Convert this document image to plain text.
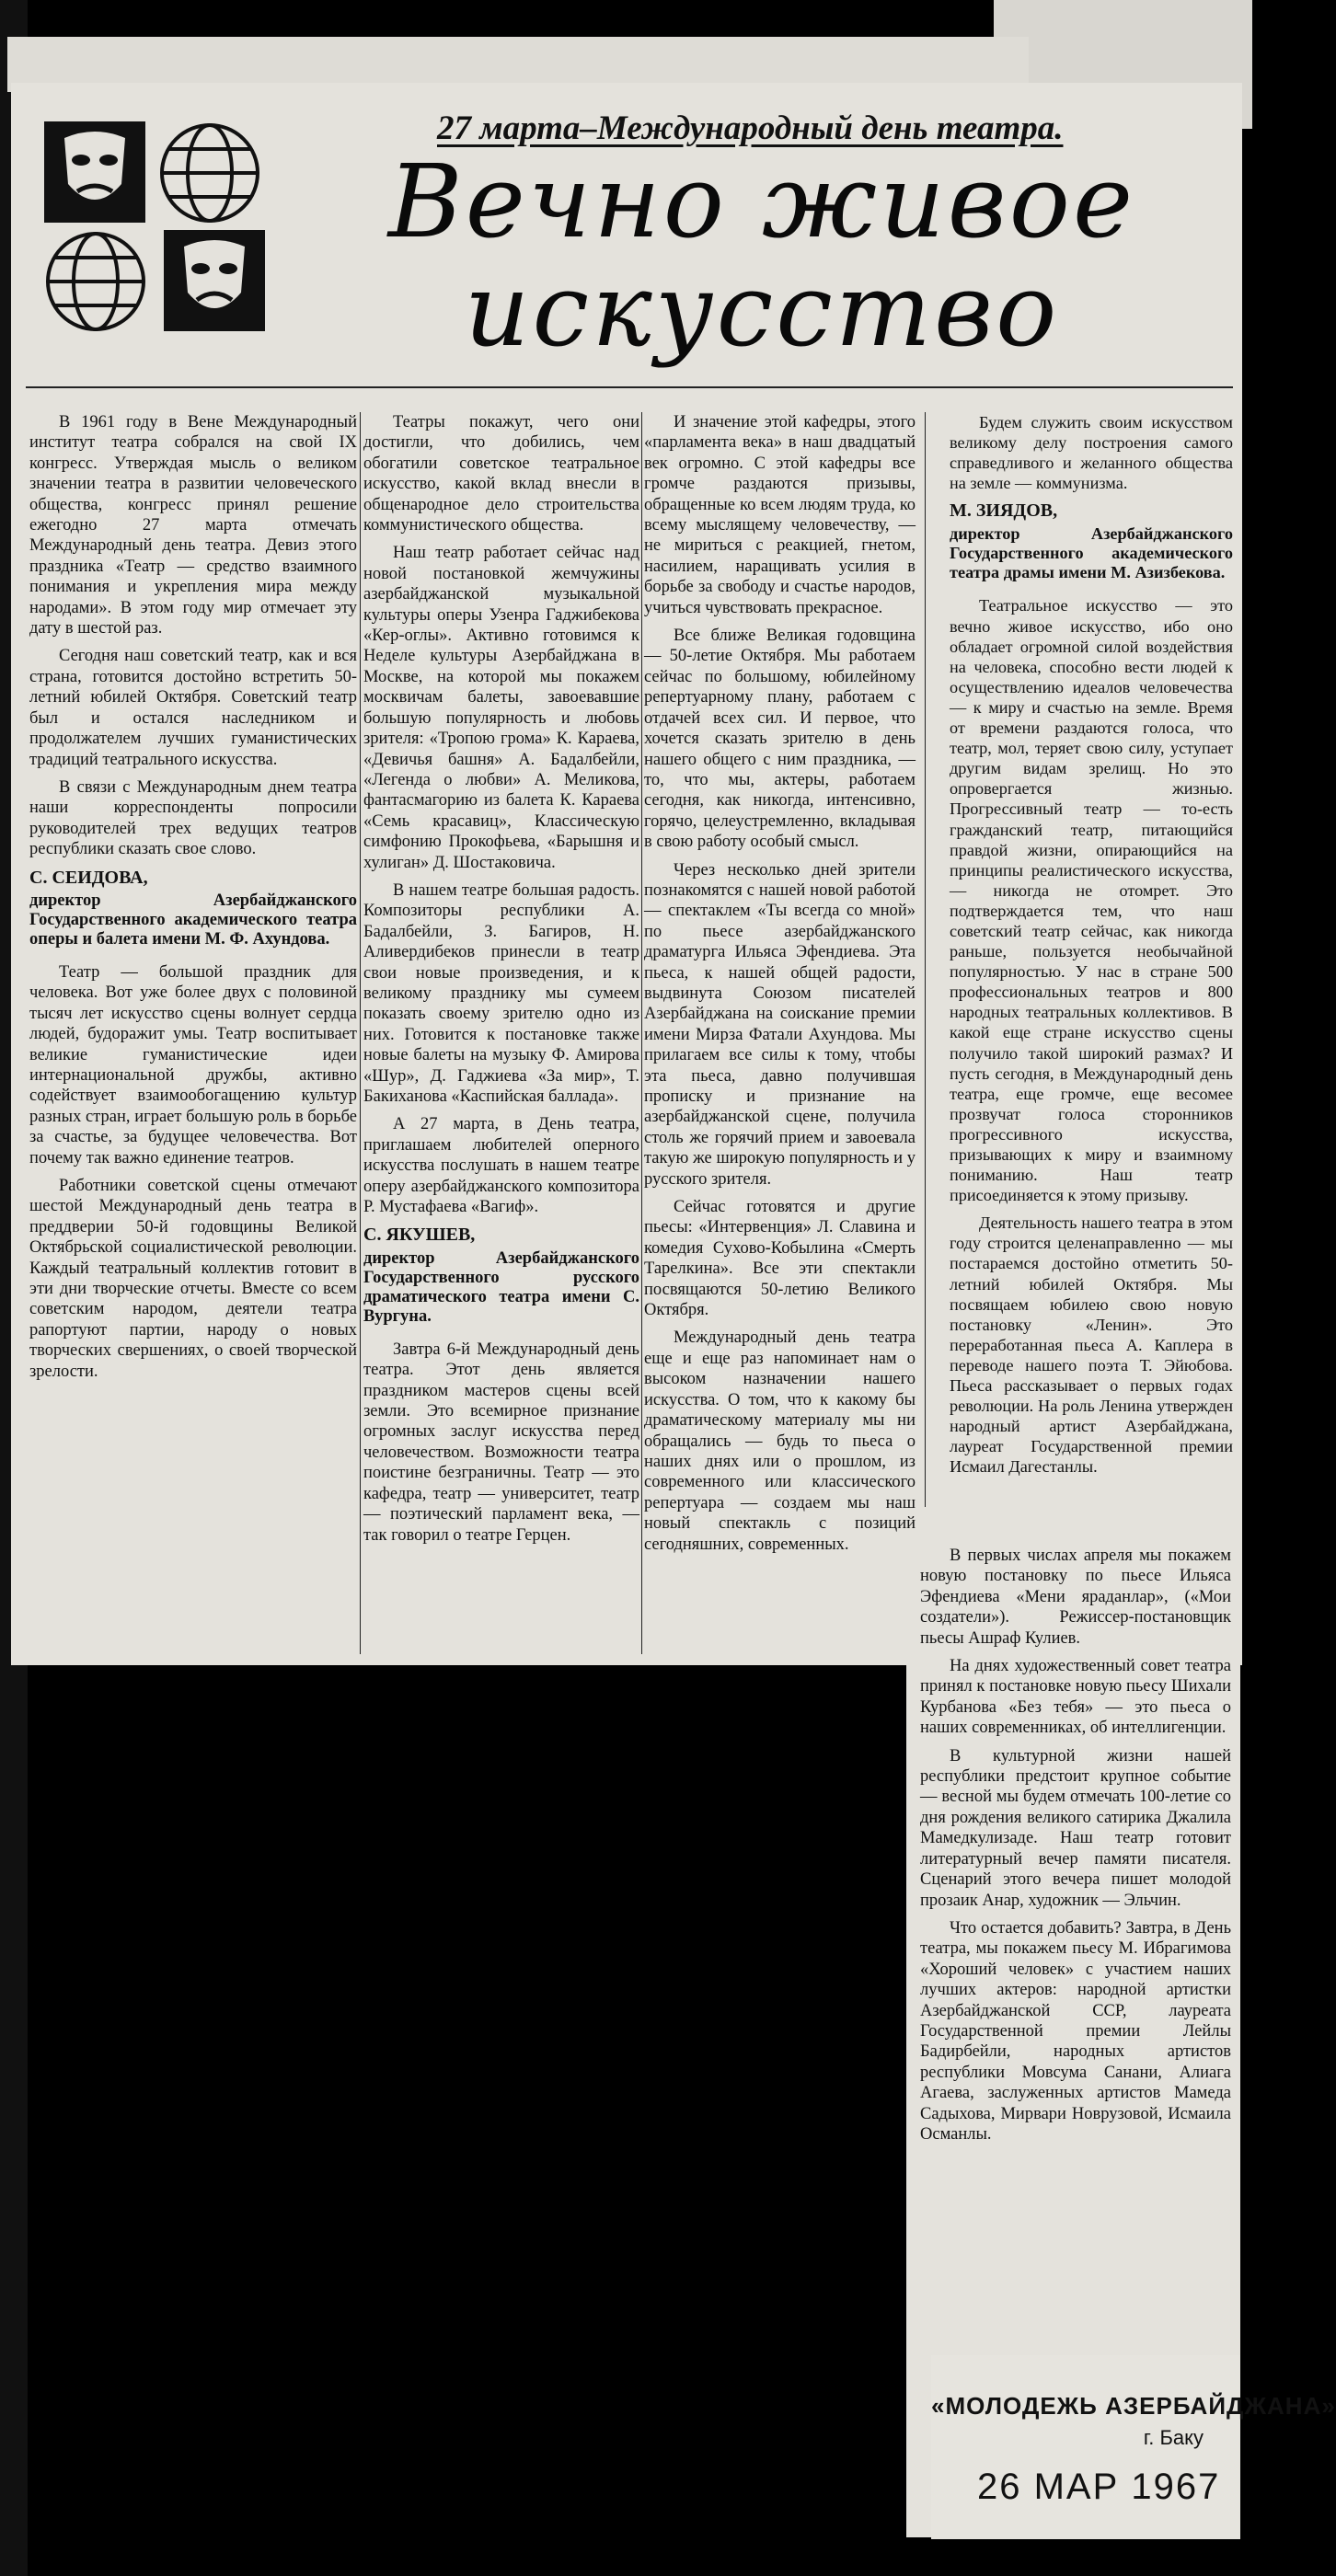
27 марта–Международный день театра.
Вечно живое
искусство

В 1961 году в Вене Международный институт театра собрался на свой IX конгресс. Утверждая мысль о великом значении театра в развитии человеческого общества, конгресс принял решение ежегодно 27 марта отмечать Международный день театра. Девиз этого праздника «Театр — средство взаимного понимания и укрепления мира между народами». В этом году мир отмечает эту дату в шестой раз.

Сегодня наш советский театр, как и вся страна, готовится достойно встретить 50-летний юбилей Октября. Советский театр был и остался наследником и продолжателем лучших гуманистических традиций театрального искусства.

В связи с Международным днем театра наши корреспонденты попросили руководителей трех ведущих театров республики сказать свое слово.

С. СЕИДОВА,

директор Азербайджанского Государственного академического театра оперы и балета имени М. Ф. Ахундова.

Театр — большой праздник для человека. Вот уже более двух с половиной тысяч лет искусство сцены волнует сердца людей, будоражит умы. Театр воспитывает великие гуманистические идеи интернациональной дружбы, активно содействует взаимообогащению культур разных стран, играет большую роль в борьбе за счастье, за будущее человечества. Вот почему так важно единение театров.

Работники советской сцены отмечают шестой Международный день театра в преддверии 50-й годовщины Великой Октябрьской социалистической революции. Каждый театральный коллектив готовит в эти дни творческие отчеты. Вместе со всем советским народом, деятели театра рапортуют партии, народу о новых творческих свершениях, о своей творческой зрелости.

Театры покажут, чего они достигли, что добились, чем обогатили советское театральное искусство, какой вклад внесли в общенародное дело строительства коммунистического общества.

Наш театр работает сейчас над новой постановкой жемчужины азербайджанской музыкальной культуры оперы Узенра Гаджибекова «Кер-оглы». Активно готовимся к Неделе культуры Азербайджана в Москве, на которой мы покажем москвичам балеты, завоевавшие большую популярность и любовь зрителя: «Тропою грома» К. Караева, «Девичья башня» А. Бадалбейли, «Легенда о любви» А. Меликова, фантасмагорию из балета К. Караева «Семь красавиц», Классическую симфонию Прокофьева, «Барышня и хулиган» Д. Шостаковича.

В нашем театре большая радость. Композиторы республики А. Бадалбейли, З. Багиров, Н. Аливердибеков принесли в театр свои новые произведения, и к великому празднику мы сумеем показать своему зрителю одно из них. Готовится к постановке также новые балеты на музыку Ф. Амирова «Шур», Д. Гаджиева «За мир», Т. Бакиханова «Каспийская баллада».

А 27 марта, в День театра, приглашаем любителей оперного искусства послушать в нашем театре оперу азербайджанского композитора Р. Мустафаева «Вагиф».

С. ЯКУШЕВ,

директор Азербайджанского Государственного русского драматического театра имени С. Вургуна.

Завтра 6-й Международный день театра. Этот день является праздником мастеров сцены всей земли. Это всемирное признание огромных заслуг искусства перед человечеством. Возможности театра поистине безграничны. Театр — это кафедра, театр — университет, театр — поэтический парламент века, — так говорил о театре Герцен.

И значение этой кафедры, этого «парламента века» в наш двадцатый век огромно. С этой кафедры все громче раздаются призывы, обращенные ко всем людям труда, ко всему мыслящему человечеству, — не мириться с реакцией, гнетом, насилием, наращивать усилия в борьбе за свободу и счастье народов, учиться чувствовать прекрасное.

Все ближе Великая годовщина — 50-летие Октября. Мы работаем сейчас по большому, юбилейному репертуарному плану, работаем с отдачей всех сил. И первое, что хочется сказать зрителю в день нашего общего с ним праздника, — то, что мы, актеры, работаем сегодня, как никогда, интенсивно, горячо, целеустремленно, вкладывая в свою работу особый смысл.

Через несколько дней зрители познакомятся с нашей новой работой — спектаклем «Ты всегда со мной» по пьесе азербайджанского драматурга Ильяса Эфендиева. Эта пьеса, к нашей общей радости, выдвинута Союзом писателей Азербайджана на соискание премии имени Мирза Фатали Ахундова. Мы прилагаем все силы к тому, чтобы эта пьеса, давно получившая прописку и признание на азербайджанской сцене, получила столь же горячий прием и завоевала такую же широкую популярность и у русского зрителя.

Сейчас готовятся и другие пьесы: «Интервенция» Л. Славина и комедия Сухово-Кобылина «Смерть Тарелкина». Все эти спектакли посвящаются 50-летию Великого Октября.

Международный день театра еще и еще раз напоминает нам о высоком назначении нашего искусства. О том, что к какому бы драматическому материалу мы ни обращались — будь то пьеса о наших днях или о прошлом, из современного или классического репертуара — создаем мы наш новый спектакль с позиций сегодняшних, современных.

Будем служить своим искусством великому делу построения самого справедливого и желанного общества на земле — коммунизма.

М. ЗИЯДОВ,

директор Азербайджанского Государственного академического театра драмы имени М. Азизбекова.

Театральное искусство — это вечно живое искусство, ибо оно обладает огромной силой воздействия на человека, способно вести людей к осуществлению идеалов человечества — к миру и счастью на земле. Время от времени раздаются голоса, что театр, мол, теряет свою силу, уступает другим видам зрелищ. Но это опровергается жизнью. Прогрессивный театр — то-есть гражданский театр, питающийся правдой жизни, опирающийся на принципы реалистического искусства, — никогда не отомрет. Это подтверждается тем, что наш советский театр сейчас, как никогда раньше, пользуется необычайной популярностью. У нас в стране 500 профессиональных театров и 800 народных театральных коллективов. В какой еще стране искусство сцены получило такой широкий размах? И пусть сегодня, в Международный день театра, еще громче, еще весомее прозвучат голоса сторонников прогрессивного искусства, призывающих к миру и взаимному пониманию. Наш театр присоединяется к этому призыву.

Деятельность нашего театра в этом году строится целенаправленно — мы постараемся достойно отметить 50-летний юбилей Октября. Мы посвящаем юбилею свою новую постановку «Ленин». Это переработанная пьеса А. Каплера в переводе нашего поэта Т. Эйюбова. Пьеса рассказывает о первых годах революции. На роль Ленина утвержден народный артист Азербайджана, лауреат Государственной премии Исмаил Дагестанлы.

В первых числах апреля мы покажем новую постановку по пьесе Ильяса Эфендиева «Мени яраданлар», («Мои создатели»). Режиссер-постановщик пьесы Ашраф Кулиев.

На днях художественный совет театра принял к постановке новую пьесу Шихали Курбанова «Без тебя» — это пьеса о наших современниках, об интеллигенции.

В культурной жизни нашей республики предстоит крупное событие — весной мы будем отмечать 100-летие со дня рождения великого сатирика Джалила Мамедкулизаде. Наш театр готовит литературный вечер памяти писателя. Сценарий этого вечера пишет молодой прозаик Анар, художник — Эльчин.

Что остается добавить? Завтра, в День театра, мы покажем пьесу М. Ибрагимова «Хороший человек» с участием наших лучших актеров: народной артистки Азербайджанской ССР, лауреата Государственной премии Лейлы Бадирбейли, народных артистов республики Мовсума Санани, Алиага Агаева, заслуженных артистов Мамеда Садыхова, Мирвари Новрузовой, Исмаила Османлы.

«МОЛОДЕЖЬ АЗЕРБАЙДЖАНА»
г. Баку
26 МАР 1967
